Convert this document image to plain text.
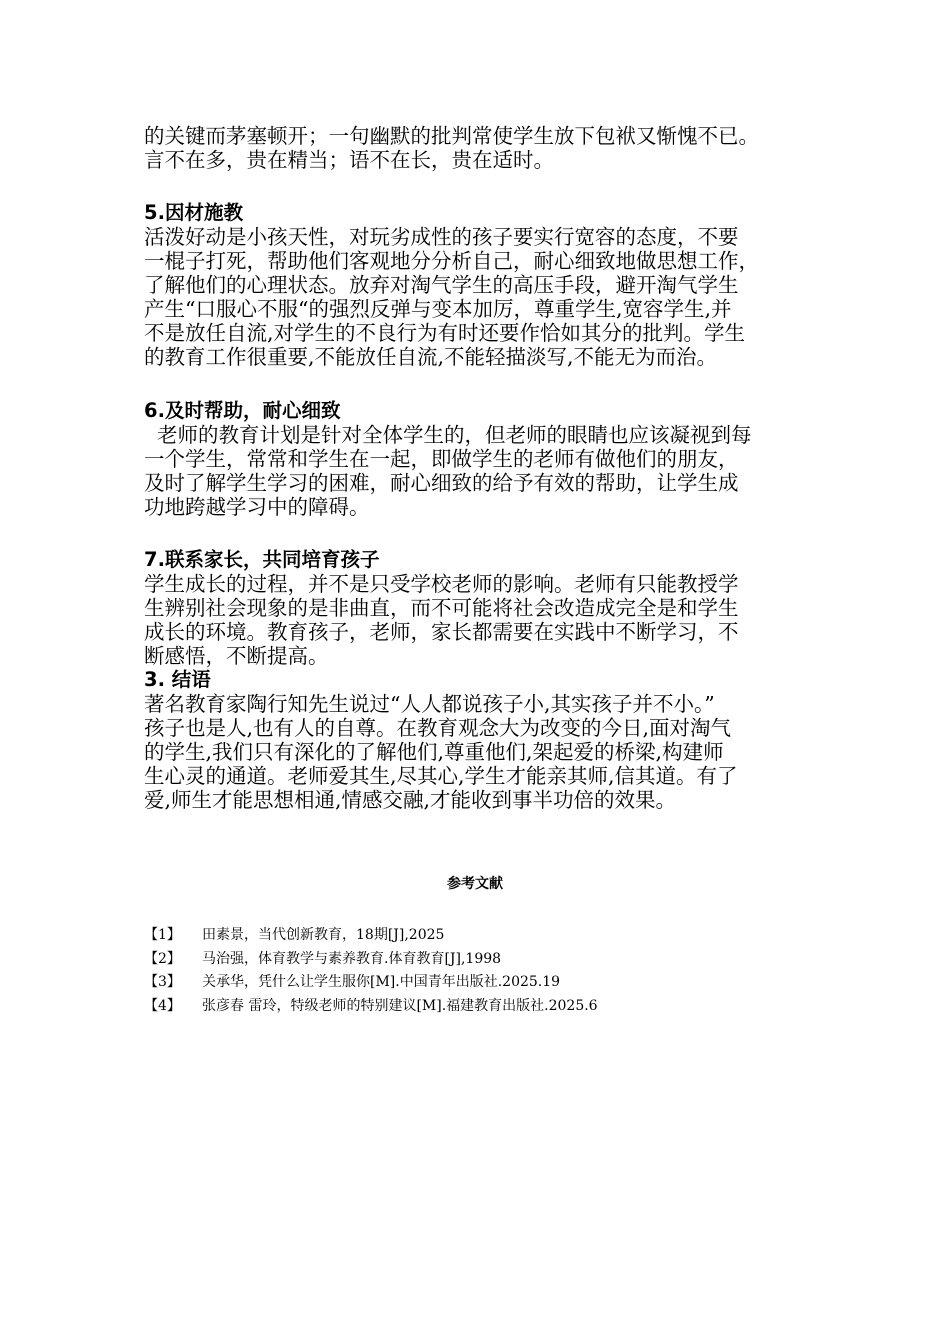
的关键而茅塞顿开；一句幽默的批判常使学生放下包袱又惭愧不已。
言不在多，贵在精当；语不在长，贵在适时。
5.因材施教
活泼好动是小孩天性，对玩劣成性的孩子要实行宽容的态度，不要
一棍子打死，帮助他们客观地分分析自己，耐心细致地做思想工作，
了解他们的心理状态。放弃对淘气学生的高压手段，避开淘气学生
产生“口服心不服“的强烈反弹与变本加厉，尊重学生,宽容学生,并
不是放任自流,对学生的不良行为有时还要作恰如其分的批判。学生
的教育工作很重要,不能放任自流,不能轻描淡写,不能无为而治。
6.及时帮助，耐心细致
老师的教育计划是针对全体学生的，但老师的眼睛也应该凝视到每
一个学生，常常和学生在一起，即做学生的老师有做他们的朋友，
及时了解学生学习的困难，耐心细致的给予有效的帮助，让学生成
功地跨越学习中的障碍。
7.联系家长，共同培育孩子
学生成长的过程，并不是只受学校老师的影响。老师有只能教授学
生辨别社会现象的是非曲直，而不可能将社会改造成完全是和学生
成长的环境。教育孩子，老师，家长都需要在实践中不断学习，不
断感悟，不断提高。
3. 结语
著名教育家陶行知先生说过“人人都说孩子小,其实孩子并不小。”
孩子也是人,也有人的自尊。在教育观念大为改变的今日,面对淘气
的学生,我们只有深化的了解他们,尊重他们,架起爱的桥梁,构建师
生心灵的通道。老师爱其生,尽其心,学生才能亲其师,信其道。有了
爱,师生才能思想相通,情感交融,才能收到事半功倍的效果。
参考文献
【1】 田素景，当代创新教育，18期[J],2025
【2】 马治强，体育教学与素养教育.体育教育[J],1998
【3】 关承华，凭什么让学生服你[M].中国青年出版社.2025.19
【4】 张彦春 雷玲，特级老师的特别建议[M].福建教育出版社.2025.6
